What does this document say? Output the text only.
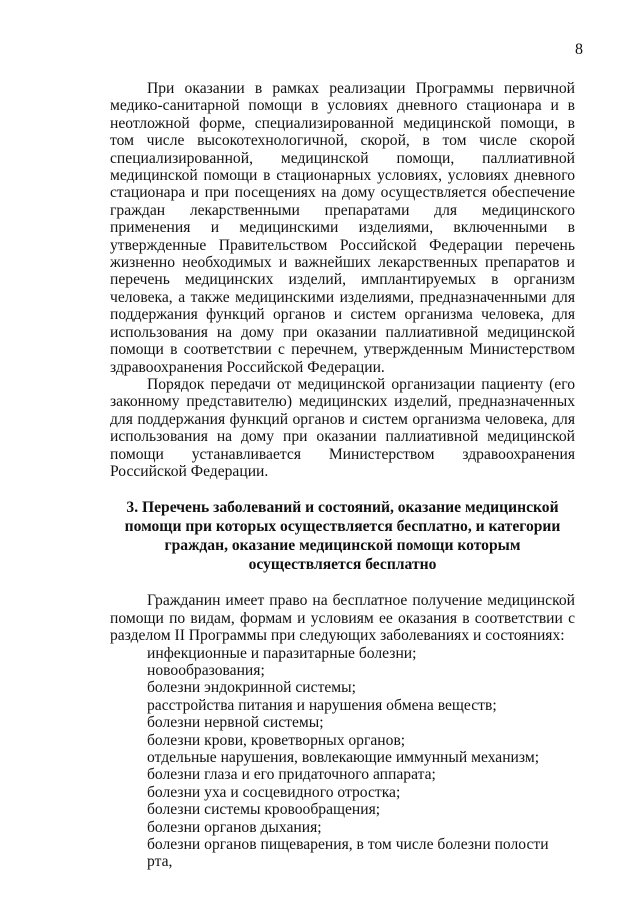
8

При оказании в рамках реализации Программы первичной медико-санитарной помощи в условиях дневного стационара и в неотложной форме, специализированной медицинской помощи, в том числе высокотехнологичной, скорой, в том числе скорой специализированной, медицинской помощи, паллиативной медицинской помощи в стационарных условиях, условиях дневного стационара и при посещениях на дому осуществляется обеспечение граждан лекарственными препаратами для медицинского применения и медицинскими изделиями, включенными в утвержденные Правительством Российской Федерации перечень жизненно необходимых и важнейших лекарственных препаратов и перечень медицинских изделий, имплантируемых в организм человека, а также медицинскими изделиями, предназначенными для поддержания функций органов и систем организма человека, для использования на дому при оказании паллиативной медицинской помощи в соответствии с перечнем, утвержденным Министерством здравоохранения Российской Федерации.

Порядок передачи от медицинской организации пациенту (его законному представителю) медицинских изделий, предназначенных для поддержания функций органов и систем организма человека, для использования на дому при оказании паллиативной медицинской помощи устанавливается Министерством здравоохранения Российской Федерации.

3. Перечень заболеваний и состояний, оказание медицинской помощи при которых осуществляется бесплатно, и категории граждан, оказание медицинской помощи которым осуществляется бесплатно

Гражданин имеет право на бесплатное получение медицинской помощи по видам, формам и условиям ее оказания в соответствии с разделом II Программы при следующих заболеваниях и состояниях:

инфекционные и паразитарные болезни;

новообразования;

болезни эндокринной системы;

расстройства питания и нарушения обмена веществ;

болезни нервной системы;

болезни крови, кроветворных органов;

отдельные нарушения, вовлекающие иммунный механизм;

болезни глаза и его придаточного аппарата;

болезни уха и сосцевидного отростка;

болезни системы кровообращения;

болезни органов дыхания;

болезни органов пищеварения, в том числе болезни полости рта,
